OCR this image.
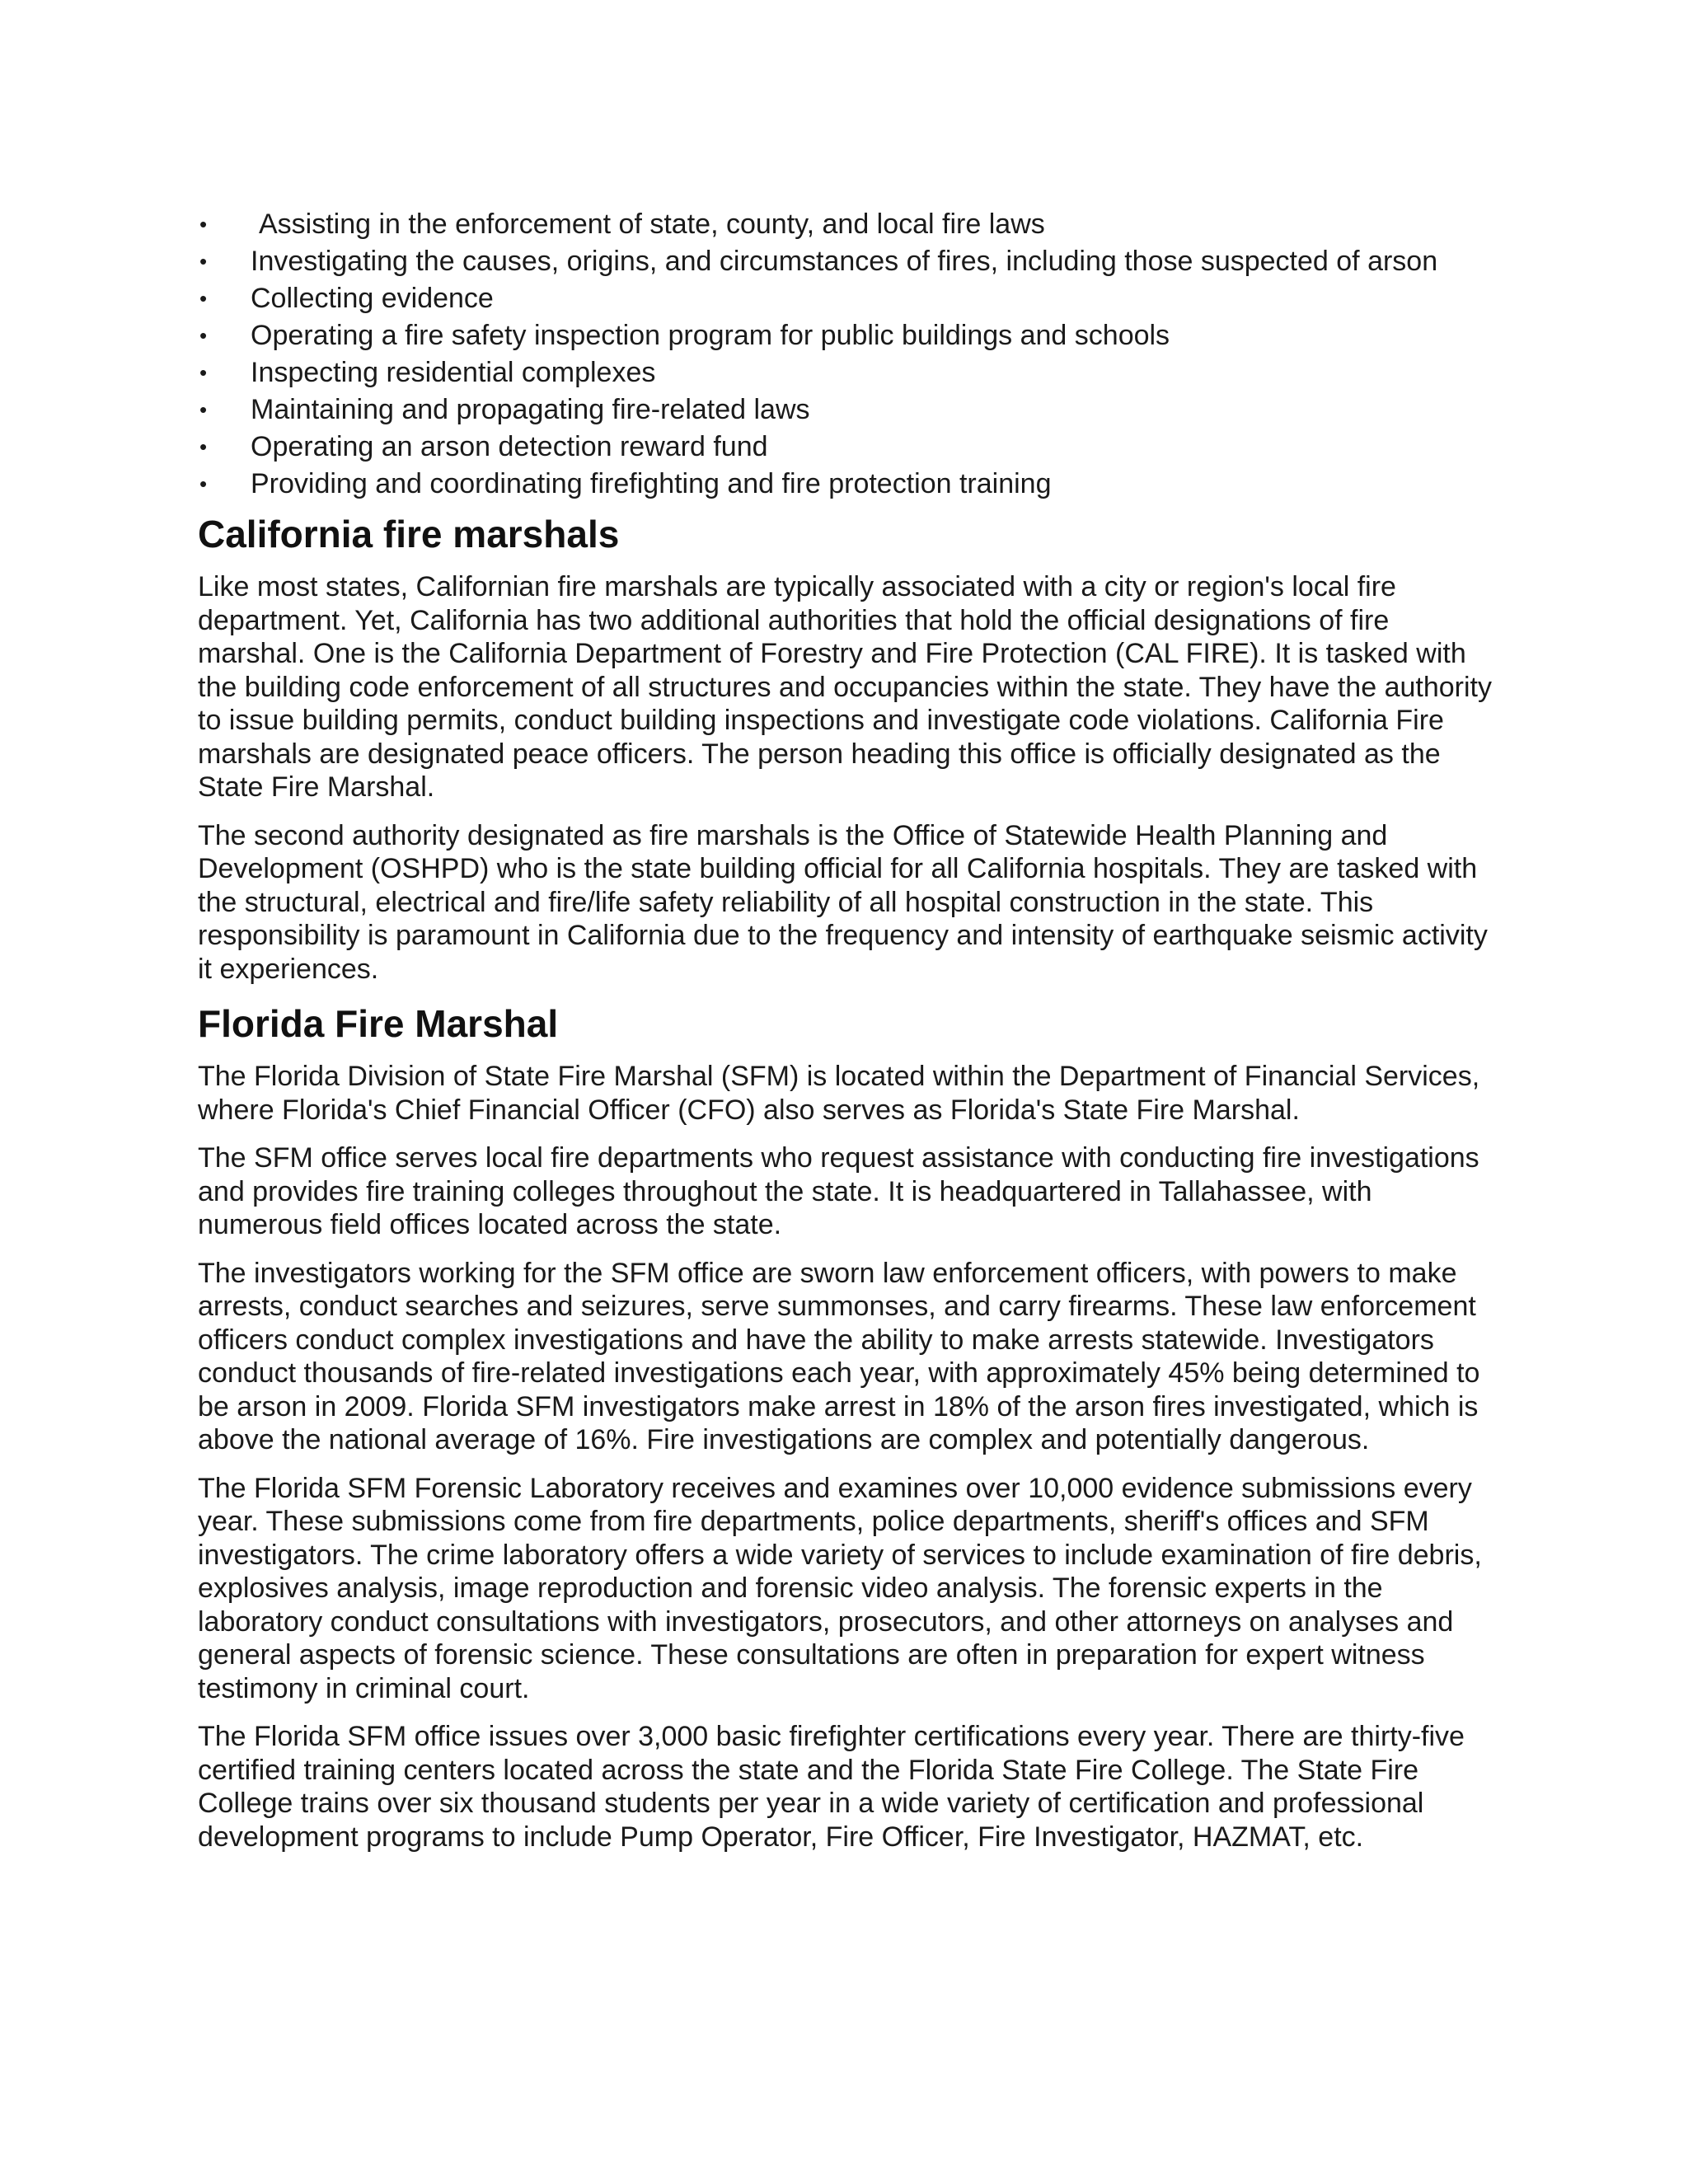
• Assisting in the enforcement of state, county, and local fire laws
• Investigating the causes, origins, and circumstances of fires, including those suspected of arson
• Collecting evidence
• Operating a fire safety inspection program for public buildings and schools
• Inspecting residential complexes
• Maintaining and propagating fire-related laws
• Operating an arson detection reward fund
• Providing and coordinating firefighting and fire protection training
California fire marshals

Like most states, Californian fire marshals are typically associated with a city or region's local fire department. Yet, California has two additional authorities that hold the official designations of fire marshal. One is the California Department of Forestry and Fire Protection (CAL FIRE). It is tasked with the building code enforcement of all structures and occupancies within the state. They have the authority to issue building permits, conduct building inspections and investigate code violations. California Fire marshals are designated peace officers. The person heading this office is officially designated as the State Fire Marshal.

The second authority designated as fire marshals is the Office of Statewide Health Planning and Development (OSHPD) who is the state building official for all California hospitals. They are tasked with the structural, electrical and fire/life safety reliability of all hospital construction in the state. This responsibility is paramount in California due to the frequency and intensity of earthquake seismic activity it experiences.

Florida Fire Marshal

The Florida Division of State Fire Marshal (SFM) is located within the Department of Financial Services, where Florida's Chief Financial Officer (CFO) also serves as Florida's State Fire Marshal.

The SFM office serves local fire departments who request assistance with conducting fire investigations and provides fire training colleges throughout the state. It is headquartered in Tallahassee, with numerous field offices located across the state.

The investigators working for the SFM office are sworn law enforcement officers, with powers to make arrests, conduct searches and seizures, serve summonses, and carry firearms. These law enforcement officers conduct complex investigations and have the ability to make arrests statewide. Investigators conduct thousands of fire-related investigations each year, with approximately 45% being determined to be arson in 2009. Florida SFM investigators make arrest in 18% of the arson fires investigated, which is above the national average of 16%. Fire investigations are complex and potentially dangerous.

The Florida SFM Forensic Laboratory receives and examines over 10,000 evidence submissions every year. These submissions come from fire departments, police departments, sheriff's offices and SFM investigators. The crime laboratory offers a wide variety of services to include examination of fire debris, explosives analysis, image reproduction and forensic video analysis. The forensic experts in the laboratory conduct consultations with investigators, prosecutors, and other attorneys on analyses and general aspects of forensic science. These consultations are often in preparation for expert witness testimony in criminal court.

The Florida SFM office issues over 3,000 basic firefighter certifications every year. There are thirty-five certified training centers located across the state and the Florida State Fire College. The State Fire College trains over six thousand students per year in a wide variety of certification and professional development programs to include Pump Operator, Fire Officer, Fire Investigator, HAZMAT, etc.
